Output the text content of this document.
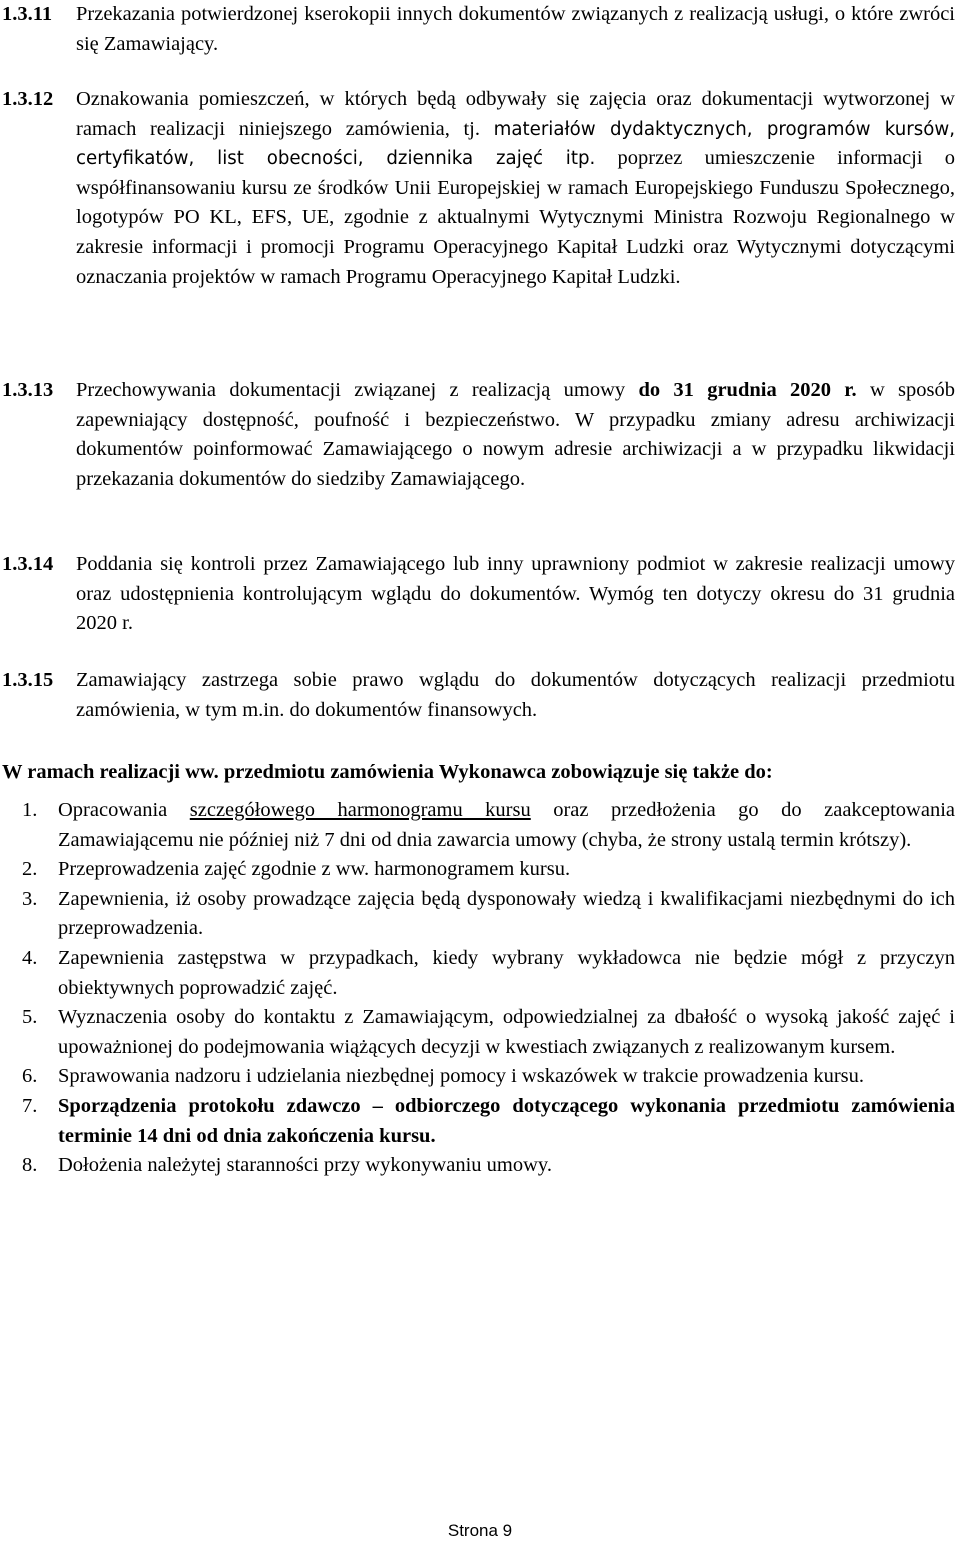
1.3.11 Przekazania potwierdzonej kserokopii innych dokumentów związanych z realizacją usługi, o które zwróci się Zamawiający.
1.3.12 Oznakowania pomieszczeń, w których będą odbywały się zajęcia oraz dokumentacji wytworzonej w ramach realizacji niniejszego zamówienia, tj. materiałów dydaktycznych, programów kursów, certyfikatów, list obecności, dziennika zajęć itp. poprzez umieszczenie informacji o współfinansowaniu kursu ze środków Unii Europejskiej w ramach Europejskiego Funduszu Społecznego, logotypów PO KL, EFS, UE, zgodnie z aktualnymi Wytycznymi Ministra Rozwoju Regionalnego w zakresie informacji i promocji Programu Operacyjnego Kapitał Ludzki oraz Wytycznymi dotyczącymi oznaczania projektów w ramach Programu Operacyjnego Kapitał Ludzki.
1.3.13 Przechowywania dokumentacji związanej z realizacją umowy do 31 grudnia 2020 r. w sposób zapewniający dostępność, poufność i bezpieczeństwo. W przypadku zmiany adresu archiwizacji dokumentów poinformować Zamawiającego o nowym adresie archiwizacji a w przypadku likwidacji przekazania dokumentów do siedziby Zamawiającego.
1.3.14 Poddania się kontroli przez Zamawiającego lub inny uprawniony podmiot w zakresie realizacji umowy oraz udostępnienia kontrolującym wglądu do dokumentów. Wymóg ten dotyczy okresu do 31 grudnia 2020 r.
1.3.15 Zamawiający zastrzega sobie prawo wglądu do dokumentów dotyczących realizacji przedmiotu zamówienia, w tym m.in. do dokumentów finansowych.
W ramach realizacji ww. przedmiotu zamówienia Wykonawca zobowiązuje się także do:
1. Opracowania szczegółowego harmonogramu kursu oraz przedłożenia go do zaakceptowania Zamawiającemu nie później niż 7 dni od dnia zawarcia umowy (chyba, że strony ustalą termin krótszy).
2. Przeprowadzenia zajęć zgodnie z ww. harmonogramem kursu.
3. Zapewnienia, iż osoby prowadzące zajęcia będą dysponowały wiedzą i kwalifikacjami niezbędnymi do ich przeprowadzenia.
4. Zapewnienia zastępstwa w przypadkach, kiedy wybrany wykładowca nie będzie mógł z przyczyn obiektywnych poprowadzić zajęć.
5. Wyznaczenia osoby do kontaktu z Zamawiającym, odpowiedzialnej za dbałość o wysoką jakość zajęć i upoważnionej do podejmowania wiążących decyzji w kwestiach związanych z realizowanym kursem.
6. Sprawowania nadzoru i udzielania niezbędnej pomocy i wskazówek w trakcie prowadzenia kursu.
7. Sporządzenia protokołu zdawczo – odbiorczego dotyczącego wykonania przedmiotu zamówienia terminie 14 dni od dnia zakończenia kursu.
8. Dołożenia należytej staranności przy wykonywaniu umowy.
Strona 9
